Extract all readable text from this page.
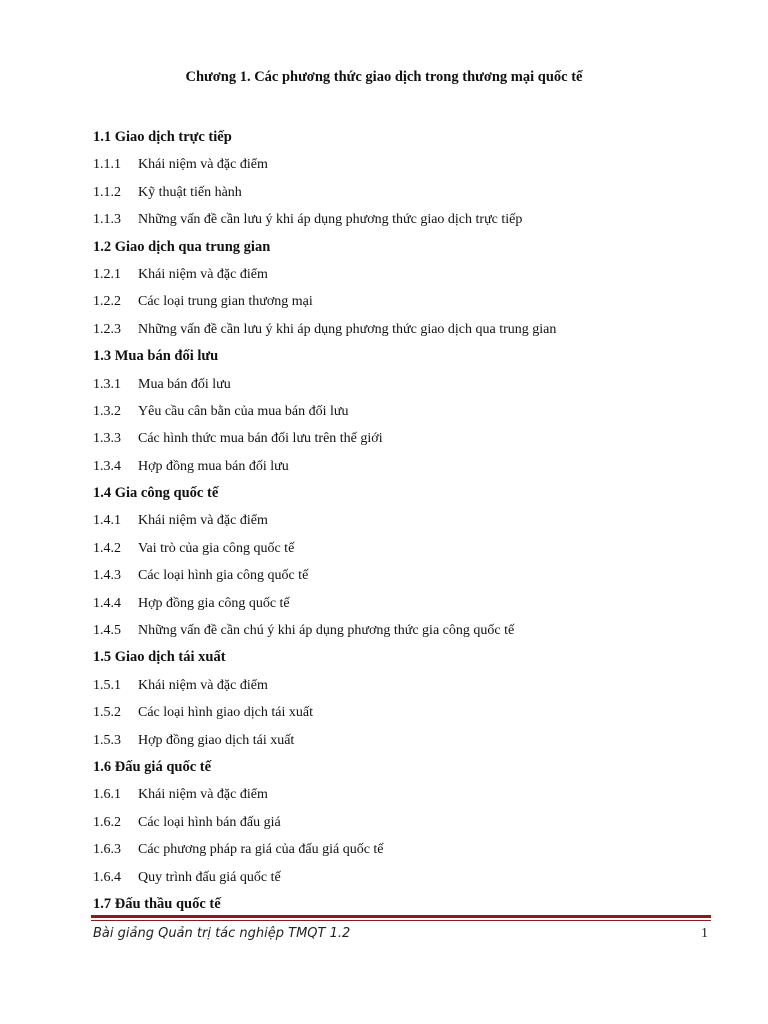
Chương 1. Các phương thức giao dịch trong thương mại quốc tế
1.1 Giao dịch trực tiếp
1.1.1 Khái niệm và đặc điểm
1.1.2 Kỹ thuật tiến hành
1.1.3 Những vấn đề cần lưu ý khi áp dụng phương thức giao dịch trực tiếp
1.2 Giao dịch qua trung gian
1.2.1 Khái niệm và đặc điểm
1.2.2 Các loại trung gian thương mại
1.2.3 Những vấn đề cần lưu ý khi áp dụng phương thức giao dịch qua trung gian
1.3 Mua bán đối lưu
1.3.1 Mua bán đối lưu
1.3.2 Yêu cầu cân bằn của mua bán đối lưu
1.3.3 Các hình thức mua bán đối lưu trên thế giới
1.3.4 Hợp đồng mua bán đối lưu
1.4 Gia công quốc tế
1.4.1 Khái niệm và đặc điểm
1.4.2 Vai trò của gia công quốc tế
1.4.3 Các loại hình gia công quốc tế
1.4.4 Hợp đồng gia công quốc tế
1.4.5 Những vấn đề cần chú ý khi áp dụng phương thức gia công quốc tế
1.5 Giao dịch tái xuất
1.5.1 Khái niệm và đặc điểm
1.5.2 Các loại hình giao dịch tái xuất
1.5.3 Hợp đồng giao dịch tái xuất
1.6 Đấu giá quốc tế
1.6.1 Khái niệm và đặc điểm
1.6.2 Các loại hình bán đấu giá
1.6.3 Các phương pháp ra giá của đấu giá quốc tế
1.6.4 Quy trình đấu giá quốc tế
1.7 Đấu thầu quốc tế
Bài giảng Quản trị tác nghiệp TMQT 1.2	1
